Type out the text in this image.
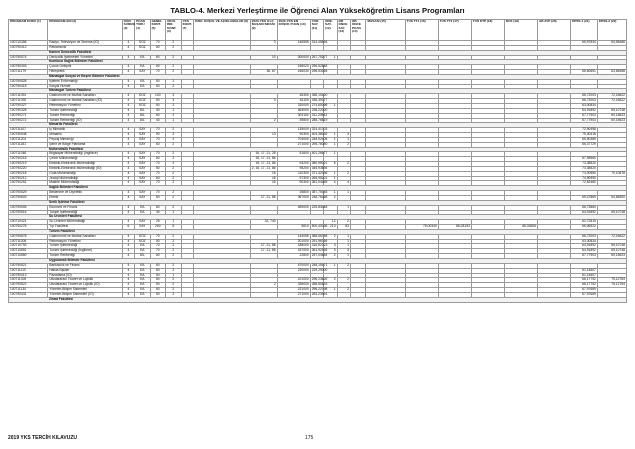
TABLO-4. Merkezi Yerleştirme ile Öğrenci Alan Yükseköğretim Lisans Programları
PROGRAM KODU (1)	PROGRAM ADI (2)	ÖĞR. SÜRESİ (3)	PUAN TÜRÜ (4)	GENEL KONT. (5)	OKUL BİR. KONT. (6)	YKS KONT. (7)	ÖZEL KOŞUL VE AÇIKLAMALAR (8)	2020-YKS ILLÇ BAŞARI SIRASI (9)	2020-YKS EN DÜŞÜK PUAN (10)	Y.DIL SAY. (11)	ÖDE. SAY. (12)	OB ÖNCE SAY. (13)	OB ÖNCE PUAN (14)	MASASI (15)	TUS TT1 (16)	TUS TT2 (17)	TUS KTP (18)	DUS (19)	AB AYP (20)	KPSS-1 (21)	KPSS-2 (22)
100710356	Radyo, Televizyon ve Sinema (İÖ)	4	SÖZ	70	2			3	146555	314,45894										65,97834	64,96486
100790412	Reklamcılık	4	SÖZ	60	2																
Kamen Denizcilik Fakültesi																					
100790574	Denizcilik İşletmeleri Yönetimi	4	EA	60	2			10	300000	267,75277	1										
Kumluca Sağlık Bilimleri Fakültesi																					
100790303	Çocuk Gelişimi	4	EA	60	2				156020	296,52848											
100711179	Hemşirelik	4	SAY	70	2			36, 87	166030	298,53065										66,60651	63,84658
Manavgat Sosyal ve Beşeri Bilimler Fakültesi																					
100790528	İşletme Enformatiği	4	EA	50	1																
100790415	Sosyal Hizmet	4	EA	60	2																
Manavgat Turizm Fakültesi																					
100711091	Gastronomi ve Mutfak Sanatları	4	SÖZ	100	3				45300	356,10420										66,72003	72,16622
100711092	Gastronomi ve Mutfak Sanatları (İÖ)	4	SÖZ	50	3			3	81100	336,39077										66,72003	72,16622
100790327	Rekreasyon Yönetimi	4	SÖZ	50	2				310000	274,60096	1									63,00834	
100790328	Turizm İşletmeciliği	4	DİL	40	1				464000	238,22000										64,91892	65,10748
100790271	Turizm Rehberliği	4	DİL	60	2				303100	311,20963										67,77903	60,15623
100790272	Turizm Rehberliği (İÖ)	4	DİL	40	1			2	39800	288,76519										67,77903	60,15623
Mimarlık Fakültesi																					
100711107	İç Mimarlık	4	SAY	70	2				135000	324,41703										72,90498	
100790548	Mimarlık	4	SAY	90	3			13	90300	404,38092	1	3								75,30416	
100711201	Peyzaj Mimarlığı	4	SAY	70	2				704000	248,92405	1	1								65,90389	
100711181	Şehir ve Bölge Planlama	4	SAY	60	2				271000	295,76050	1	2								66,37729	
Mühendislik Fakültesi																					
100711046	Bilgisayar Mühendisliği (İngilizce)	4	SAY	70	2			16, 17, 21, 28	51600	401,26677	1										
100790216	Çevre Mühendisliği	4	SAY	60	2			16, 17, 21, 86												67,95560	
100790219	Elektrik-Elektronik Mühendisliği	4	SAY	70	2			16, 17, 21, 86	93200	380,95021	6	2								73,38520	
100790220	Elektrik-Elektronik Mühendisliği (İÖ)	4	SAY	50	2			2, 16, 17, 21, 86	95200	345,93894										73,38520	
100790218	Gıda Mühendisliği	4	SAY	70	2			16	110300	371,42336	1	2								73,00550	70,10678
100790212	Jeoloji Mühendisliği	4	SAY	60	2			16	97300	265,95201	1									74,90990	
100790251	Makine Mühendisliği	4	SAY	70	2			16	90300	351,04459	4	4								72,62460	
Sağlık Bilimleri Fakültesi																					
100790529	Beslenme ve Diyetetik	4	SAY	70	2				25800	387,75345	1	1									
100790603	Ebelik	4	SAY	60	2			17, 21, 86	367000	248,76468	2									69,47869	64,84800
Serik İşletme Fakültesi																					
100790505	Ekonomi ve Finans	4	EA	60	2				469000	225,84448		1								66,73860	
100790516	Turizm İşletmeciliği	4	EA	30	1															64,91892	65,10748
Su Ürünleri Fakültesi																					
100710421	Su Ürünleri Mühendisliği	4	SAY	25	1			32, 740			12	2								62,72815	
100790276	Tıp Fakültesi	6	SAY	250	5				5810	500,40036	213	83			78,00340	66,28193		68,33606		66,06522	
Turizm Fakültesi																					
100790878	Gastronomi ve Mutfak Sanatları	4	SÖZ	70	2				144055	388,56758	2	1								66,72003	72,16622
100711005	Rekreasyon Yönetimi	4	SÖZ	50	2				201000	291,96766		1								63,00834	
100710793	Turizm İşletmeciliği	4	EA	70	2			17, 21, 86	188000	316,52223	3	1								64,91892	65,10748
100710851	Turizm İşletmeciliği (İngilizce)	4	EA	70	2			17, 21, 86	187000	361,92935	3	3								64,91892	65,10748
100710860	Turizm Rehberliği	4	DİL	60	2				22800	257,04654	2	1								67,77903	60,15623
Uygulamalı Bilimler Fakültesi																					
100790521	Bankacılık ve Finans	4	EA	60	2				470000	248,15471	1	2									
100711110	Halkla İlişkiler	4	EA	60	2				220000	229,29000										61,14607	
100790413	Pazarlama (İÖ)	4	EA	50	1															61,14607	
100711026	Uluslararası Ticaret ve Lojistik	4	EA	60	2				221000	296,23826	2	2								66,17792	75,12764
100790522	Uluslararası Ticaret ve Lojistik (İÖ)	4	EA	50	2			2	339000	288,50833										66,17792	75,12764
100711134	Yönetim Bilişim Sistemleri	4	EA	60	2				221000	296,22798	1	2								67,97689	
100790431	Yönetim Bilişim Sistemleri (İÖ)	4	EA	50	2				271000	283,23961										67,97689	
Ziraat Fakültesi																					
2019 YKS TERCİH KILAVUZU	175
